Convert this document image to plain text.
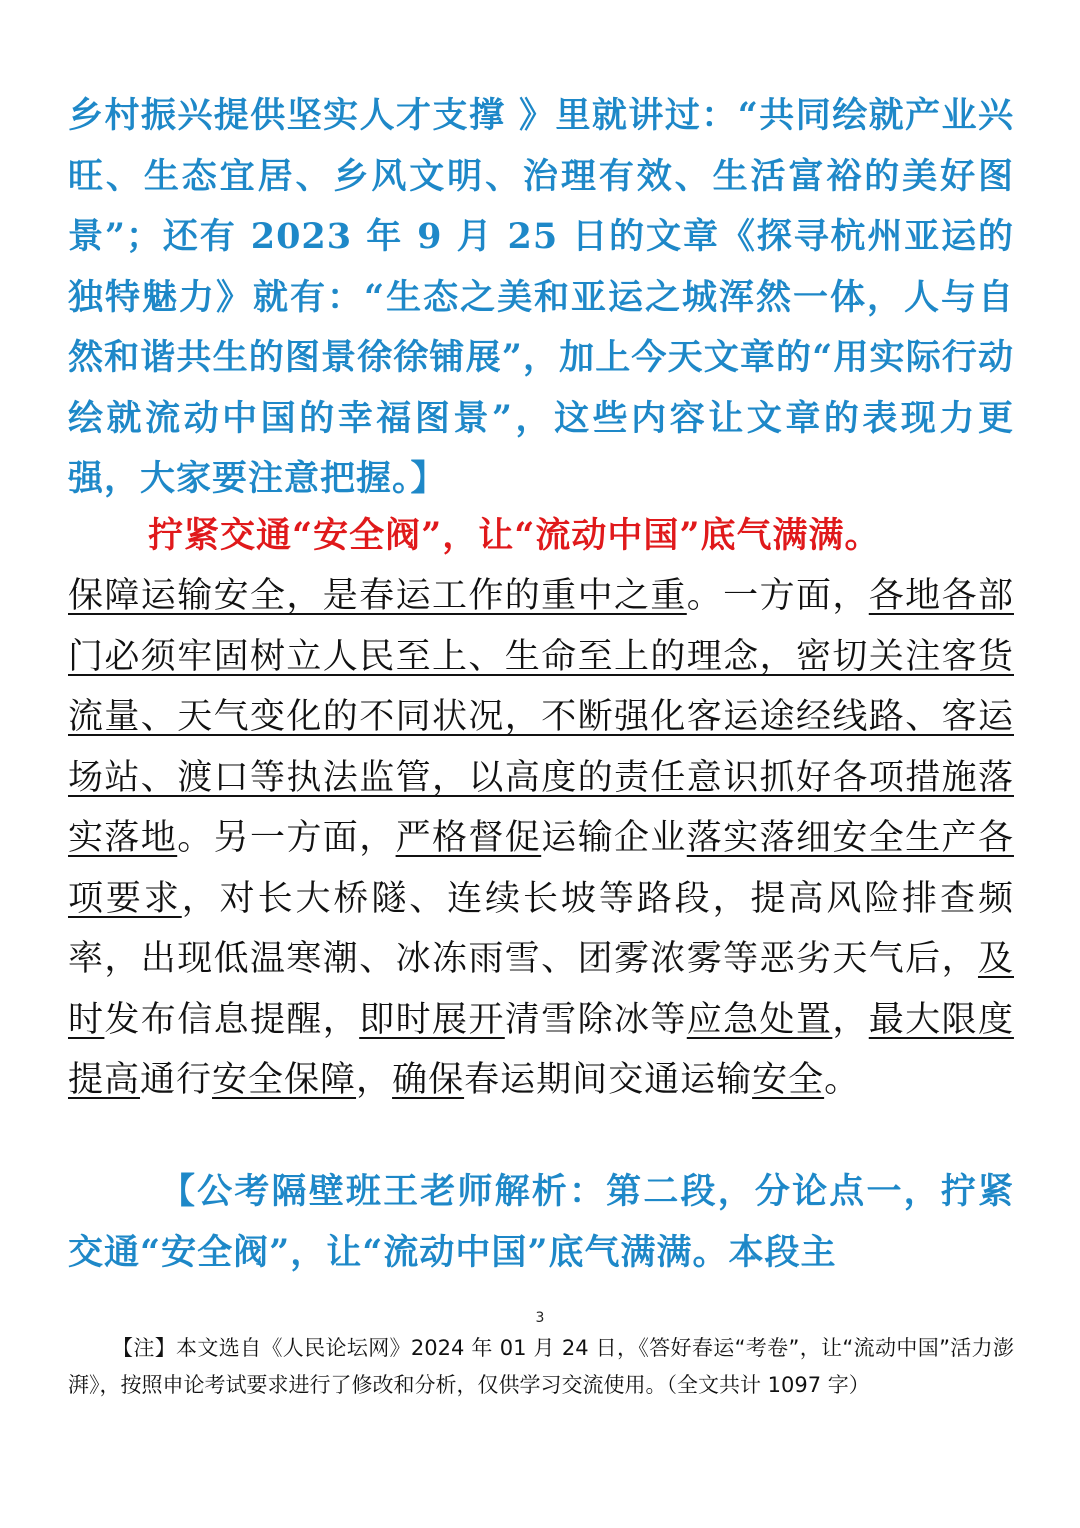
乡村振兴提供坚实人才支撑 》里就讲过：“共同绘就产业兴旺、生态宜居、乡风文明、治理有效、生活富裕的美好图景”；还有 2023 年 9 月 25 日的文章《探寻杭州亚运的独特魅力》就有：“生态之美和亚运之城浑然一体，人与自然和谐共生的图景徐徐铺展”，加上今天文章的“用实际行动绘就流动中国的幸福图景”，这些内容让文章的表现力更强，大家要注意把握。】

拧紧交通“安全阀”，让“流动中国”底气满满。

保障运输安全，是春运工作的重中之重。一方面，各地各部门必须牢固树立人民至上、生命至上的理念，密切关注客货流量、天气变化的不同状况，不断强化客运途经线路、客运场站、渡口等执法监管，以高度的责任意识抓好各项措施落实落地。另一方面，严格督促运输企业落实落细安全生产各项要求，对长大桥隧、连续长坡等路段，提高风险排查频率，出现低温寒潮、冰冻雨雪、团雾浓雾等恶劣天气后，及时发布信息提醒，即时展开清雪除冰等应急处置，最大限度提高通行安全保障，确保春运期间交通运输安全。

【公考隔壁班王老师解析：第二段，分论点一，拧紧交通“安全阀”，让“流动中国”底气满满。本段主

3

【注】本文选自《人民论坛网》2024 年 01 月 24 日，《答好春运“考卷”，让“流动中国”活力澎湃》，按照申论考试要求进行了修改和分析，仅供学习交流使用。（全文共计 1097 字）
